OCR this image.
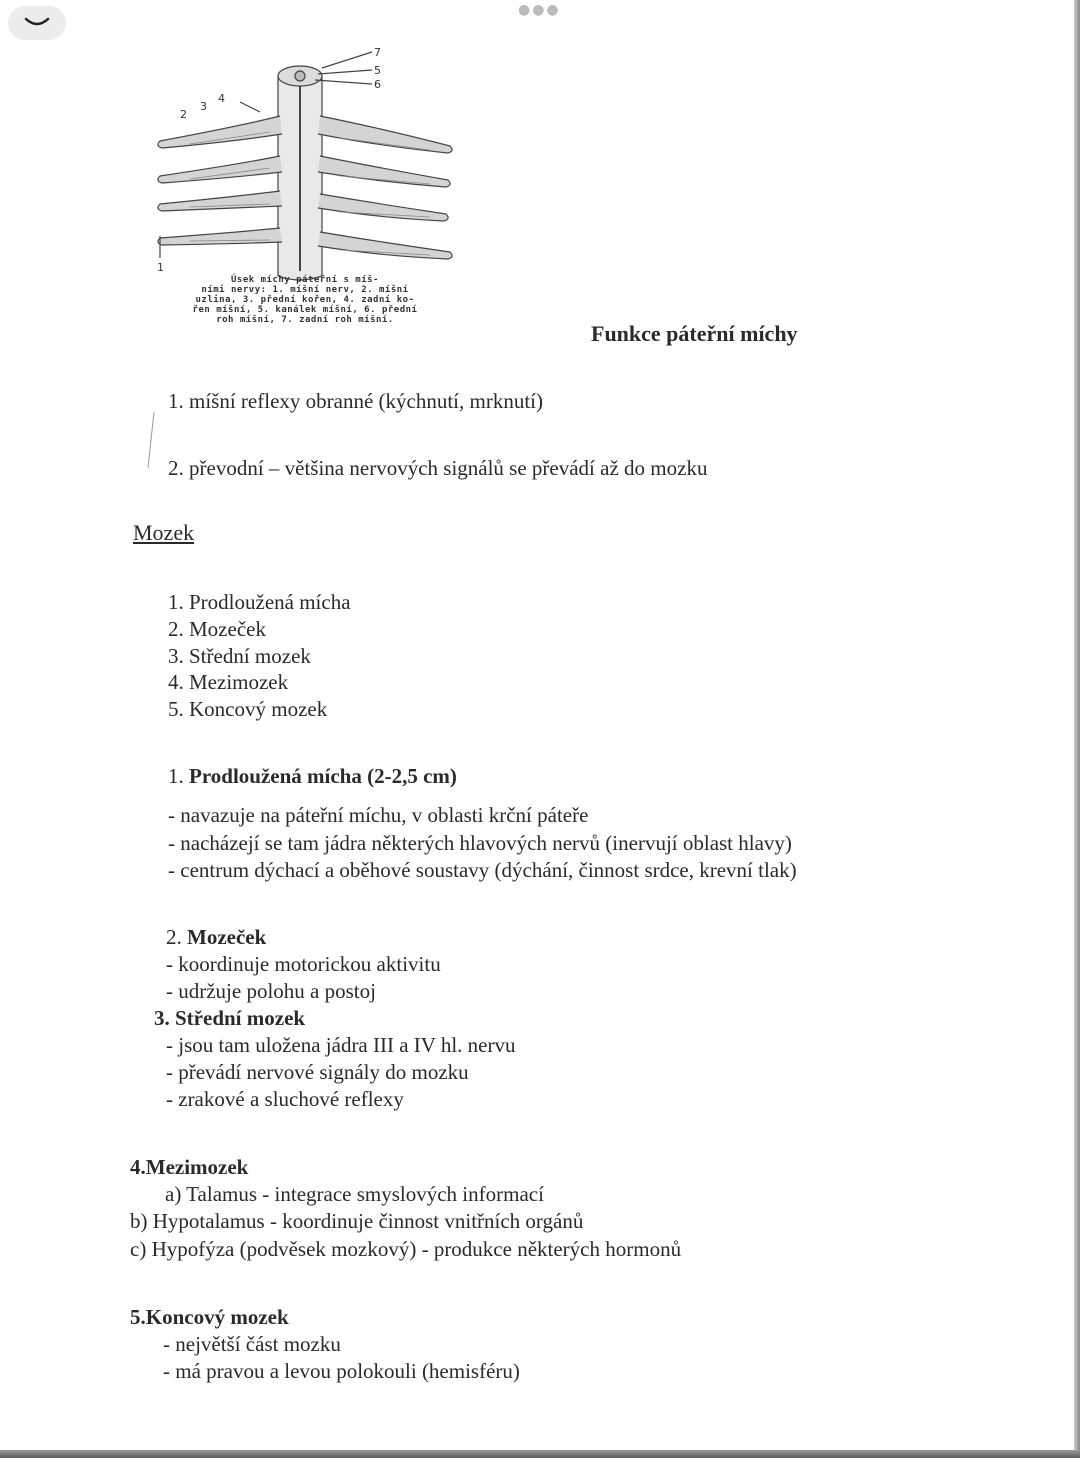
●●●
1
2
3
4
5
6
7
Úsek míchy páteřní s míš-
ními nervy: 1. míšní nerv, 2. míšní
uzlina, 3. přední kořen, 4. zadní ko-
řen míšní, 5. kanálek míšní, 6. přední
roh míšní, 7. zadní roh míšní.
Funkce páteřní míchy
1. míšní reflexy obranné (kýchnutí, mrknutí)
2. převodní – většina nervových signálů se převádí až do mozku
Mozek
1. Prodloužená mícha
2. Mozeček
3. Střední mozek
4. Mezimozek
5. Koncový mozek
1. Prodloužená mícha (2-2,5 cm)
- navazuje na páteřní míchu, v oblasti krční páteře
- nacházejí se tam jádra některých hlavových nervů (inervují oblast hlavy)
- centrum dýchací a oběhové soustavy (dýchání, činnost srdce, krevní tlak)
2. Mozeček
- koordinuje motorickou aktivitu
- udržuje polohu a postoj
3. Střední mozek
- jsou tam uložena jádra III a IV hl. nervu
- převádí nervové signály do mozku
- zrakové a sluchové reflexy
4.Mezimozek
a) Talamus - integrace smyslových informací
b) Hypotalamus - koordinuje činnost vnitřních orgánů
c) Hypofýza (podvěsek mozkový) - produkce některých hormonů
5.Koncový mozek
- největší část mozku
- má pravou a levou polokouli (hemisféru)
